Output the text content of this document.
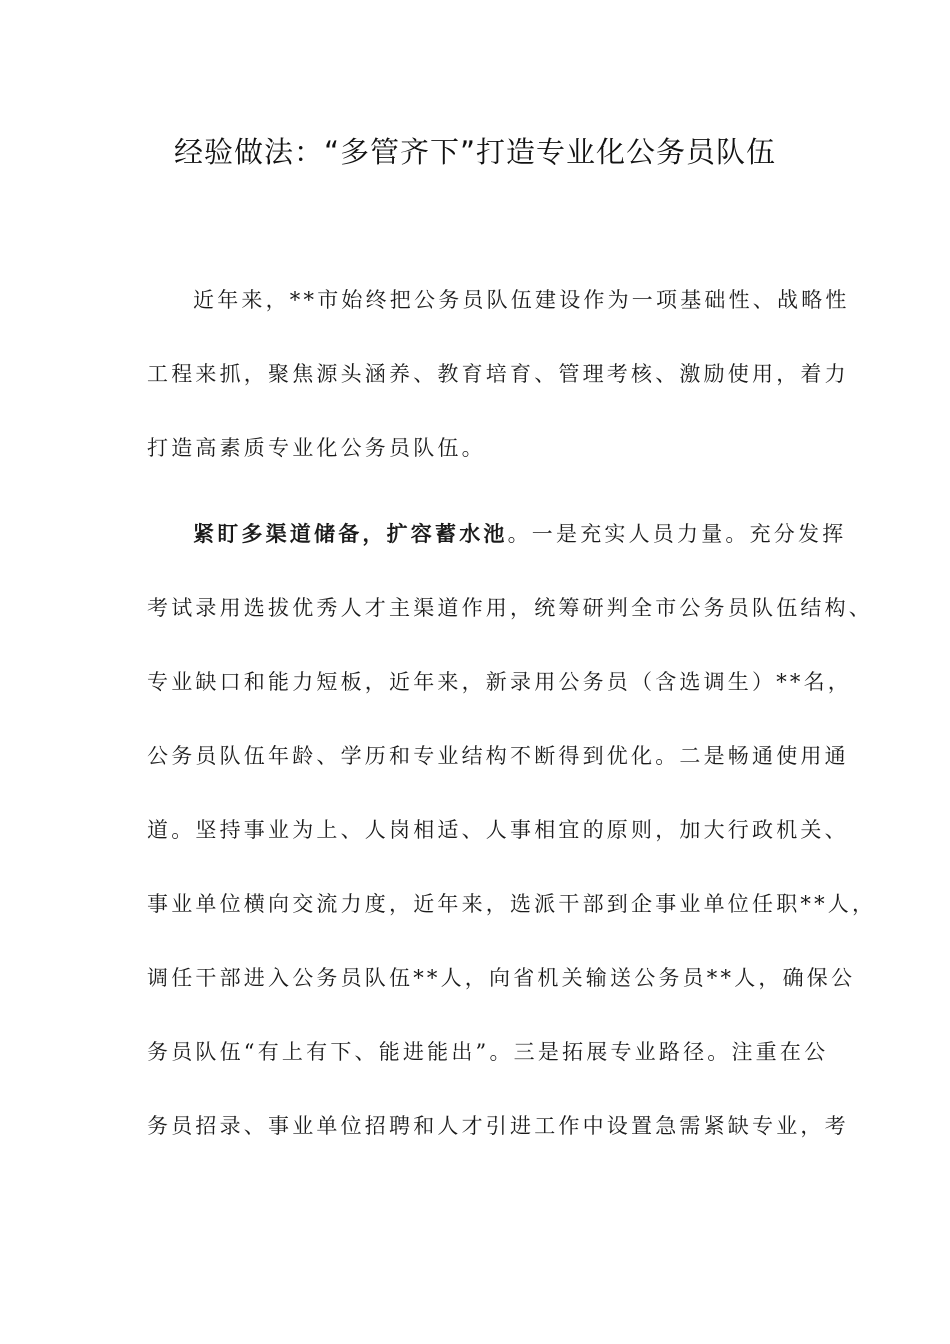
经验做法：“多管齐下”打造专业化公务员队伍
近年来，**市始终把公务员队伍建设作为一项基础性、战略性
工程来抓，聚焦源头涵养、教育培育、管理考核、激励使用，着力
打造高素质专业化公务员队伍。
紧盯多渠道储备，扩容蓄水池。一是充实人员力量。充分发挥
考试录用选拔优秀人才主渠道作用，统筹研判全市公务员队伍结构、
专业缺口和能力短板，近年来，新录用公务员（含选调生）**名，
公务员队伍年龄、学历和专业结构不断得到优化。二是畅通使用通
道。坚持事业为上、人岗相适、人事相宜的原则，加大行政机关、
事业单位横向交流力度，近年来，选派干部到企事业单位任职**人，
调任干部进入公务员队伍**人，向省机关输送公务员**人，确保公
务员队伍“有上有下、能进能出”。三是拓展专业路径。注重在公
务员招录、事业单位招聘和人才引进工作中设置急需紧缺专业，考
